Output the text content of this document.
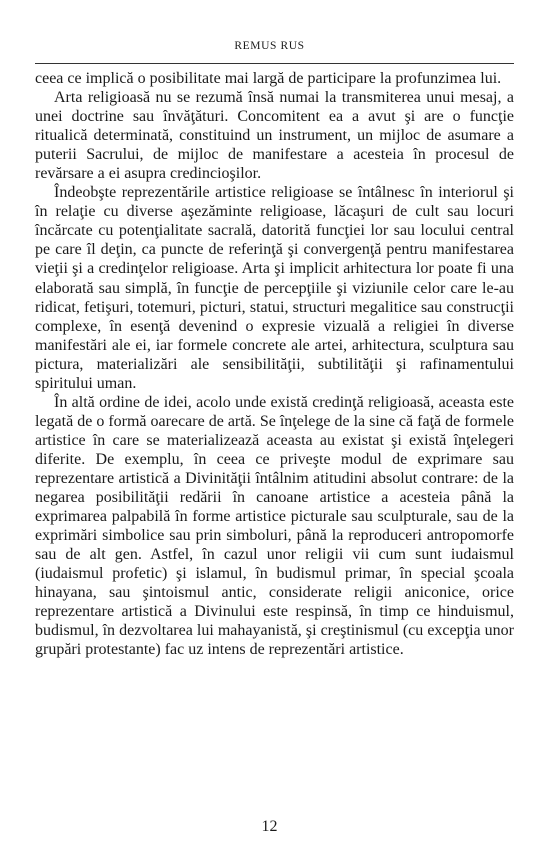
REMUS RUS

ceea ce implică o posibilitate mai largă de participare la profunzimea lui.

Arta religioasă nu se rezumă însă numai la transmiterea unui mesaj, a unei doctrine sau învăţături. Concomitent ea a avut şi are o funcţie ritualică determinată, constituind un instrument, un mijloc de asumare a puterii Sacrului, de mijloc de manifestare a acesteia în procesul de revărsare a ei asupra credincioşilor.

Îndeobşte reprezentările artistice religioase se întâlnesc în interiorul şi în relaţie cu diverse aşezăminte religioase, lăcaşuri de cult sau locuri încărcate cu potenţialitate sacrală, datorită funcţiei lor sau locului central pe care îl deţin, ca puncte de referinţă şi convergenţă pentru manifestarea vieţii şi a credinţelor religioase. Arta şi implicit arhitectura lor poate fi una elaborată sau simplă, în funcţie de percepţiile şi viziunile celor care le-au ridicat, fetişuri, totemuri, picturi, statui, structuri megalitice sau construcţii complexe, în esenţă devenind o expresie vizuală a religiei în diverse manifestări ale ei, iar formele concrete ale artei, arhitectura, sculptura sau pictura, materializări ale sensibilităţii, subtilităţii şi rafinamentului spiritului uman.

În altă ordine de idei, acolo unde există credinţă religioasă, aceasta este legată de o formă oarecare de artă. Se înţelege de la sine că faţă de formele artistice în care se materializează aceasta au existat şi există înţelegeri diferite. De exemplu, în ceea ce priveşte modul de exprimare sau reprezentare artistică a Divinităţii întâlnim atitudini absolut contrare: de la negarea posibilităţii redării în canoane artistice a acesteia până la exprimarea palpabilă în forme artistice picturale sau sculpturale, sau de la exprimări simbolice sau prin simboluri, până la reproduceri antropomorfe sau de alt gen. Astfel, în cazul unor religii vii cum sunt iudaismul (iudaismul profetic) şi islamul, în budismul primar, în special şcoala hinayana, sau şintoismul antic, considerate religii aniconice, orice reprezentare artistică a Divinului este respinsă, în timp ce hinduismul, budismul, în dezvoltarea lui mahayanistă, şi creştinismul (cu excepţia unor grupări protestante) fac uz intens de reprezentări artistice.

12
